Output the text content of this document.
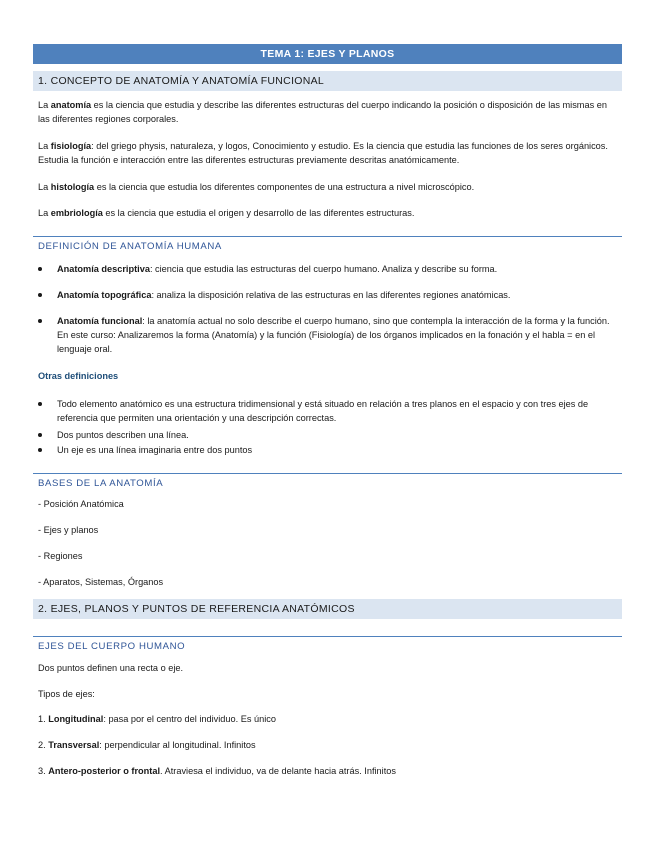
TEMA 1: EJES Y PLANOS
1. CONCEPTO DE ANATOMÍA Y ANATOMÍA FUNCIONAL
La anatomía es la ciencia que estudia y describe las diferentes estructuras del cuerpo indicando la posición o disposición de las mismas en las diferentes regiones corporales.
La fisiología: del griego physis, naturaleza, y logos, Conocimiento y estudio. Es la ciencia que estudia las funciones de los seres orgánicos. Estudia la función e interacción entre las diferentes estructuras previamente descritas anatómicamente.
La histología es la ciencia que estudia los diferentes componentes de una estructura a nivel microscópico.
La embriología es la ciencia que estudia el origen y desarrollo de las diferentes estructuras.
DEFINICIÓN DE ANATOMÍA HUMANA
Anatomía descriptiva: ciencia que estudia las estructuras del cuerpo humano. Analiza y describe su forma.
Anatomía topográfica: analiza la disposición relativa de las estructuras en las diferentes regiones anatómicas.
Anatomía funcional: la anatomía actual no solo describe el cuerpo humano, sino que contempla la interacción de la forma y la función. En este curso: Analizaremos la forma (Anatomía) y la función (Fisiología) de los órganos implicados en la fonación y el habla = en el lenguaje oral.
Otras definiciones
Todo elemento anatómico es una estructura tridimensional y está situado en relación a tres planos en el espacio y con tres ejes de referencia que permiten una orientación y una descripción correctas.
Dos puntos describen una línea.
Un eje es una línea imaginaria entre dos puntos
BASES DE LA ANATOMÍA
- Posición Anatómica
- Ejes y planos
- Regiones
- Aparatos, Sistemas, Órganos
2. EJES, PLANOS Y PUNTOS DE REFERENCIA ANATÓMICOS
EJES DEL CUERPO HUMANO
Dos puntos definen una recta o eje.
Tipos de ejes:
1. Longitudinal: pasa por el centro del individuo. Es único
2. Transversal: perpendicular al longitudinal. Infinitos
3. Antero-posterior o frontal. Atraviesa el individuo, va de delante hacia atrás. Infinitos
